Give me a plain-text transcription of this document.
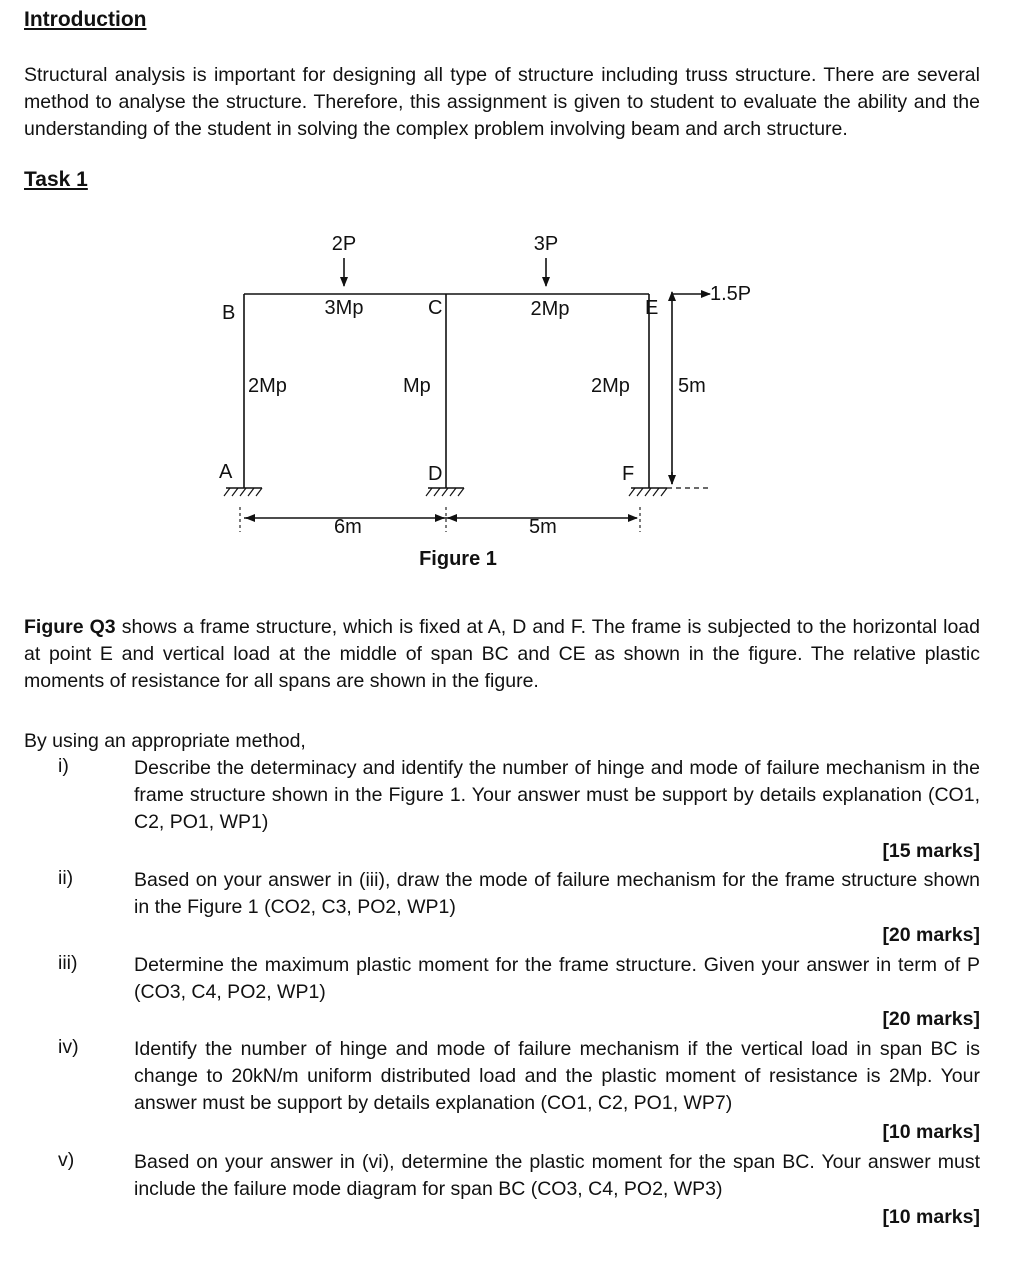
Introduction
Structural analysis is important for designing all type of structure including truss structure. There are several method to analyse the structure. Therefore, this assignment is given to student to evaluate the ability and the understanding of the student in solving the complex problem involving beam and arch structure.
Task 1
2P	3P
1.5P
3Mp	2Mp
2Mp	Mp	2Mp
B	C
A	D
E
F
5m
6m	5m
Figure 1
Figure Q3 shows a frame structure, which is fixed at A, D and F. The frame is subjected to the horizontal load at point E and vertical load at the middle of span BC and CE as shown in the figure. The relative plastic moments of resistance for all spans are shown in the figure.
By using an appropriate method,
i)	Describe the determinacy and identify the number of hinge and mode of failure mechanism in the frame structure shown in the Figure 1. Your answer must be support by details explanation (CO1, C2, PO1, WP1)
[15 marks]
ii)	Based on your answer in (iii), draw the mode of failure mechanism for the frame structure shown in the Figure 1 (CO2, C3, PO2, WP1)
[20 marks]
iii)	Determine the maximum plastic moment for the frame structure. Given your answer in term of P (CO3, C4, PO2, WP1)
[20 marks]
iv)	Identify the number of hinge and mode of failure mechanism if the vertical load in span BC is change to 20kN/m uniform distributed load and the plastic moment of resistance is 2Mp. Your answer must be support by details explanation (CO1, C2, PO1, WP7)
[10 marks]
v)	Based on your answer in (vi), determine the plastic moment for the span BC. Your answer must include the failure mode diagram for span BC (CO3, C4, PO2, WP3)
[10 marks]
